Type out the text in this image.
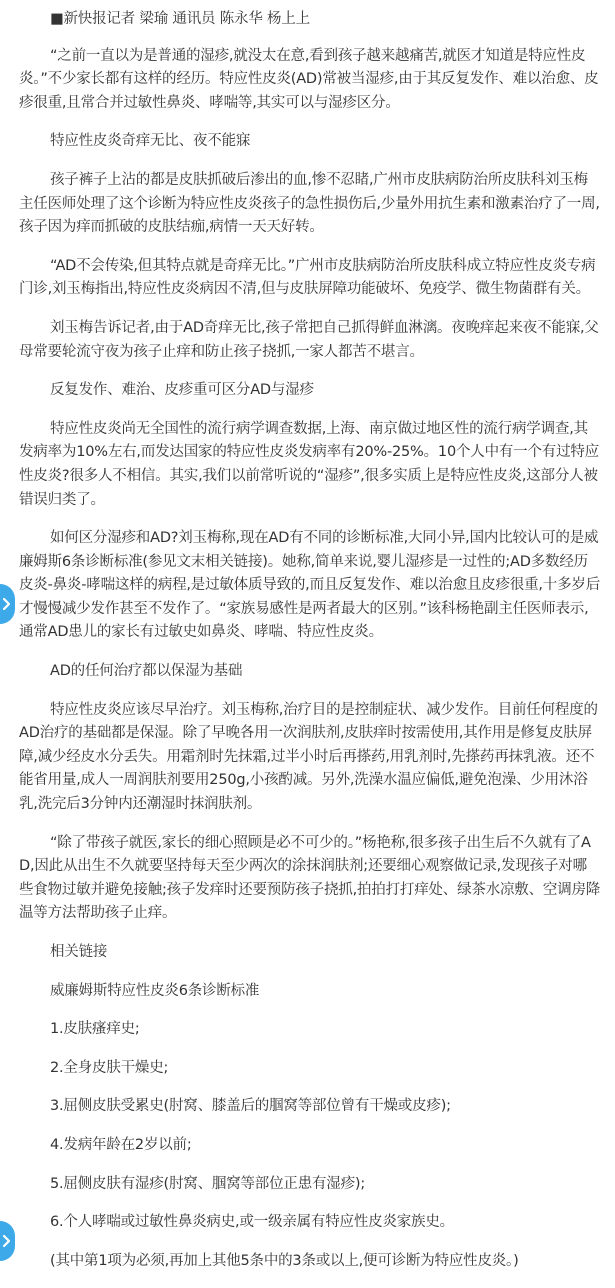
■新快报记者 梁瑜 通讯员 陈永华 杨上上

“之前一直以为是普通的湿疹,就没太在意,看到孩子越来越痛苦,就医才知道是特应性皮炎。”不少家长都有这样的经历。特应性皮炎(AD)常被当湿疹,由于其反复发作、难以治愈、皮疹很重,且常合并过敏性鼻炎、哮喘等,其实可以与湿疹区分。

特应性皮炎奇痒无比、夜不能寐

孩子裤子上沾的都是皮肤抓破后渗出的血,惨不忍睹,广州市皮肤病防治所皮肤科刘玉梅主任医师处理了这个诊断为特应性皮炎孩子的急性损伤后,少量外用抗生素和激素治疗了一周,孩子因为痒而抓破的皮肤结痂,病情一天天好转。

“AD不会传染,但其特点就是奇痒无比。”广州市皮肤病防治所皮肤科成立特应性皮炎专病门诊,刘玉梅指出,特应性皮炎病因不清,但与皮肤屏障功能破坏、免疫学、微生物菌群有关。

刘玉梅告诉记者,由于AD奇痒无比,孩子常把自己抓得鲜血淋漓。夜晚痒起来夜不能寐,父母常要轮流守夜为孩子止痒和防止孩子挠抓,一家人都苦不堪言。

反复发作、难治、皮疹重可区分AD与湿疹

特应性皮炎尚无全国性的流行病学调查数据,上海、南京做过地区性的流行病学调查,其发病率为10%左右,而发达国家的特应性皮炎发病率有20%-25%。10个人中有一个有过特应性皮炎?很多人不相信。其实,我们以前常听说的“湿疹”,很多实质上是特应性皮炎,这部分人被错误归类了。

如何区分湿疹和AD?刘玉梅称,现在AD有不同的诊断标准,大同小异,国内比较认可的是威廉姆斯6条诊断标准(参见文末相关链接)。她称,简单来说,婴儿湿疹是一过性的;AD多数经历皮炎-鼻炎-哮喘这样的病程,是过敏体质导致的,而且反复发作、难以治愈且皮疹很重,十多岁后才慢慢减少发作甚至不发作了。“家族易感性是两者最大的区别。”该科杨艳副主任医师表示,通常AD患儿的家长有过敏史如鼻炎、哮喘、特应性皮炎。

AD的任何治疗都以保湿为基础

特应性皮炎应该尽早治疗。刘玉梅称,治疗目的是控制症状、减少发作。目前任何程度的AD治疗的基础都是保湿。除了早晚各用一次润肤剂,皮肤痒时按需使用,其作用是修复皮肤屏障,减少经皮水分丢失。用霜剂时先抹霜,过半小时后再搽药,用乳剂时,先搽药再抹乳液。还不能省用量,成人一周润肤剂要用250g,小孩酌减。另外,洗澡水温应偏低,避免泡澡、少用沐浴乳,洗完后3分钟内还潮湿时抹润肤剂。

“除了带孩子就医,家长的细心照顾是必不可少的。”杨艳称,很多孩子出生后不久就有了AD,因此从出生不久就要坚持每天至少两次的涂抹润肤剂;还要细心观察做记录,发现孩子对哪些食物过敏并避免接触;孩子发痒时还要预防孩子挠抓,拍拍打打痒处、绿茶水凉敷、空调房降温等方法帮助孩子止痒。

相关链接

威廉姆斯特应性皮炎6条诊断标准

1.皮肤瘙痒史;

2.全身皮肤干燥史;

3.屈侧皮肤受累史(肘窝、膝盖后的腘窝等部位曾有干燥或皮疹);

4.发病年龄在2岁以前;

5.屈侧皮肤有湿疹(肘窝、腘窝等部位正患有湿疹);

6.个人哮喘或过敏性鼻炎病史,或一级亲属有特应性皮炎家族史。

(其中第1项为必须,再加上其他5条中的3条或以上,便可诊断为特应性皮炎。)
